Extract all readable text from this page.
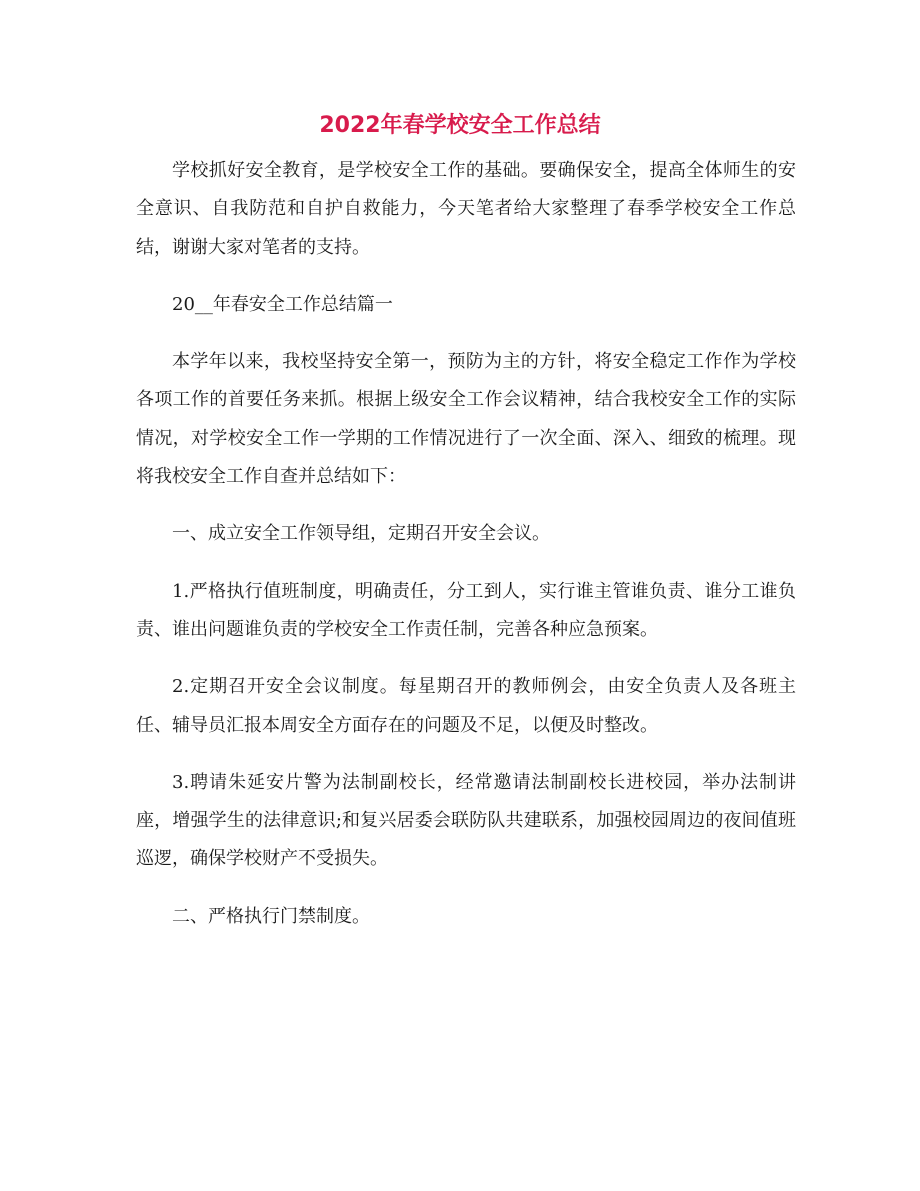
2022年春学校安全工作总结

学校抓好安全教育，是学校安全工作的基础。要确保安全，提高全体师生的安全意识、自我防范和自护自救能力，今天笔者给大家整理了春季学校安全工作总结，谢谢大家对笔者的支持。

20__年春安全工作总结篇一

本学年以来，我校坚持安全第一，预防为主的方针，将安全稳定工作作为学校各项工作的首要任务来抓。根据上级安全工作会议精神，结合我校安全工作的实际情况，对学校安全工作一学期的工作情况进行了一次全面、深入、细致的梳理。现将我校安全工作自查并总结如下：

一、成立安全工作领导组，定期召开安全会议。

1.严格执行值班制度，明确责任，分工到人，实行谁主管谁负责、谁分工谁负责、谁出问题谁负责的学校安全工作责任制，完善各种应急预案。

2.定期召开安全会议制度。每星期召开的教师例会，由安全负责人及各班主任、辅导员汇报本周安全方面存在的问题及不足，以便及时整改。

3.聘请朱延安片警为法制副校长，经常邀请法制副校长进校园，举办法制讲座，增强学生的法律意识;和复兴居委会联防队共建联系，加强校园周边的夜间值班巡逻，确保学校财产不受损失。

二、严格执行门禁制度。
